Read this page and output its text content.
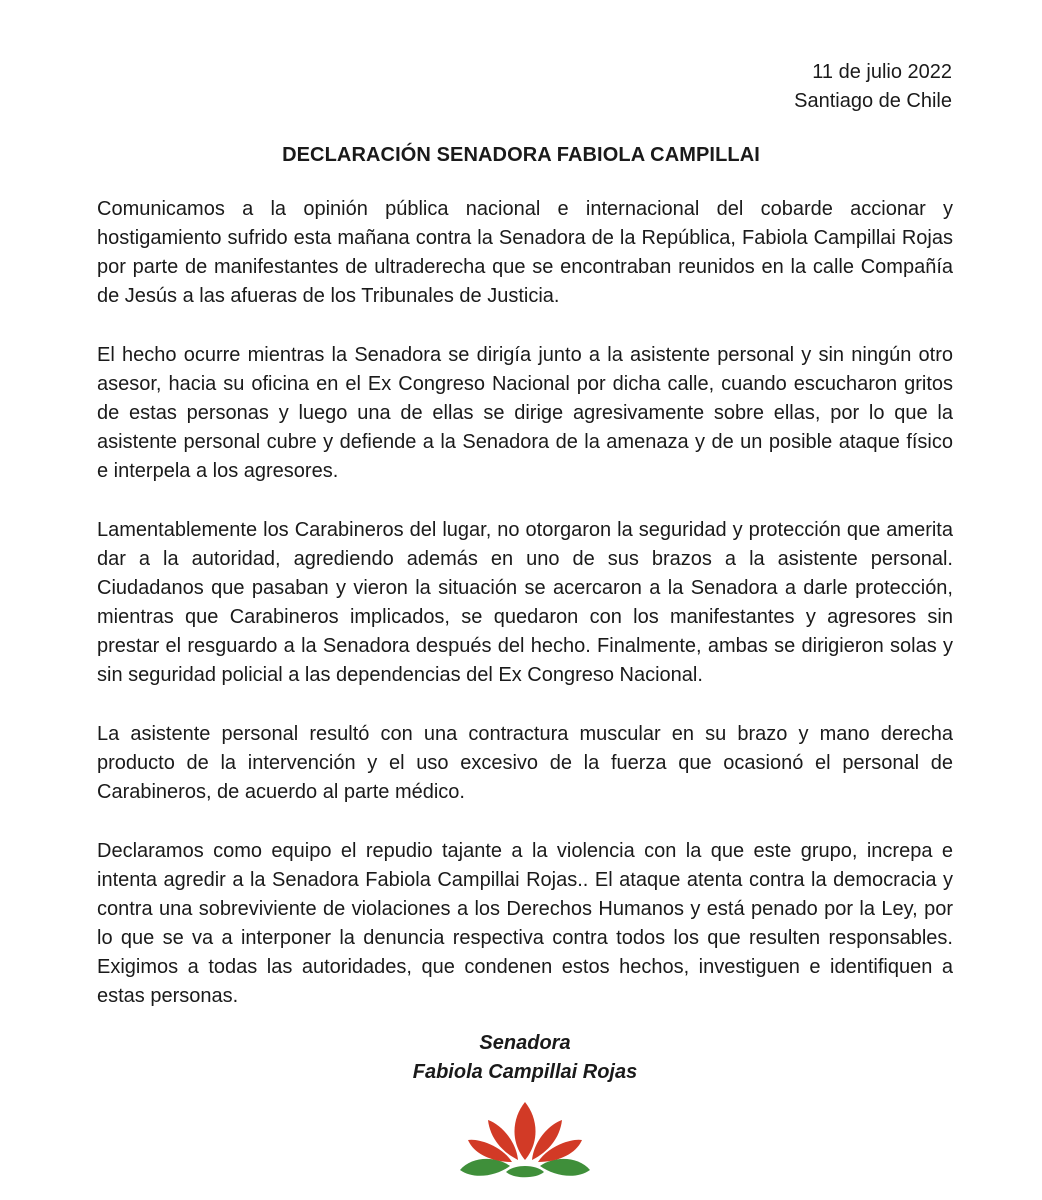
11 de julio 2022
Santiago de Chile
DECLARACIÓN SENADORA FABIOLA CAMPILLAI

Comunicamos a la opinión pública nacional e internacional del cobarde accionar y hostigamiento sufrido esta mañana contra la Senadora de la República, Fabiola Campillai Rojas por parte de manifestantes de ultraderecha que se encontraban reunidos en la calle Compañía de Jesús a las afueras de los Tribunales de Justicia.

El hecho ocurre mientras la Senadora se dirigía junto a la asistente personal y sin ningún otro asesor, hacia su oficina en el Ex Congreso Nacional por dicha calle, cuando escucharon gritos de estas personas y luego una de ellas se dirige agresivamente sobre ellas, por lo que la asistente personal cubre y defiende a la Senadora de la amenaza y de un posible ataque físico e interpela a los agresores.

Lamentablemente los Carabineros del lugar, no otorgaron la seguridad y protección que amerita dar a la autoridad, agrediendo además en uno de sus brazos a la asistente personal. Ciudadanos que pasaban y vieron la situación se acercaron a la Senadora a darle protección, mientras que Carabineros implicados, se quedaron con los manifestantes y agresores sin prestar el resguardo a la Senadora después del hecho. Finalmente, ambas se dirigieron solas y sin seguridad policial a las dependencias del Ex Congreso Nacional.

La asistente personal resultó con una contractura muscular en su brazo y mano derecha producto de la intervención y el uso excesivo de la fuerza que ocasionó el personal de Carabineros, de acuerdo al parte médico.

Declaramos como equipo el repudio tajante a la violencia con la que este grupo, increpa e intenta agredir a la Senadora Fabiola Campillai Rojas.. El ataque atenta contra la democracia y contra una sobreviviente de violaciones a los Derechos Humanos y está penado por la Ley, por lo que se va a interponer la denuncia respectiva contra todos los que resulten responsables. Exigimos a todas las autoridades, que condenen estos hechos, investiguen e identifiquen a estas personas.

Senadora
Fabiola Campillai Rojas
